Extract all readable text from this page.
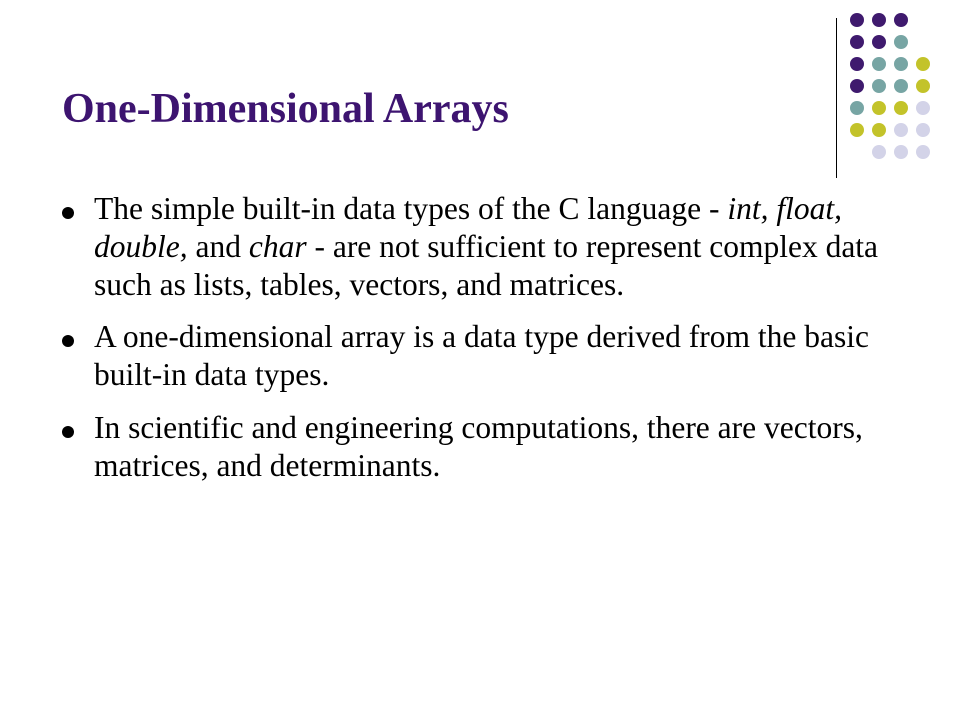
One-Dimensional Arrays
The simple built-in data types of the C language - int, float, double, and char - are not sufficient to represent complex data such as lists, tables, vectors, and matrices.
A one-dimensional array is a data type derived from the basic built-in data types.
In scientific and engineering computations, there are vectors, matrices, and determinants.
